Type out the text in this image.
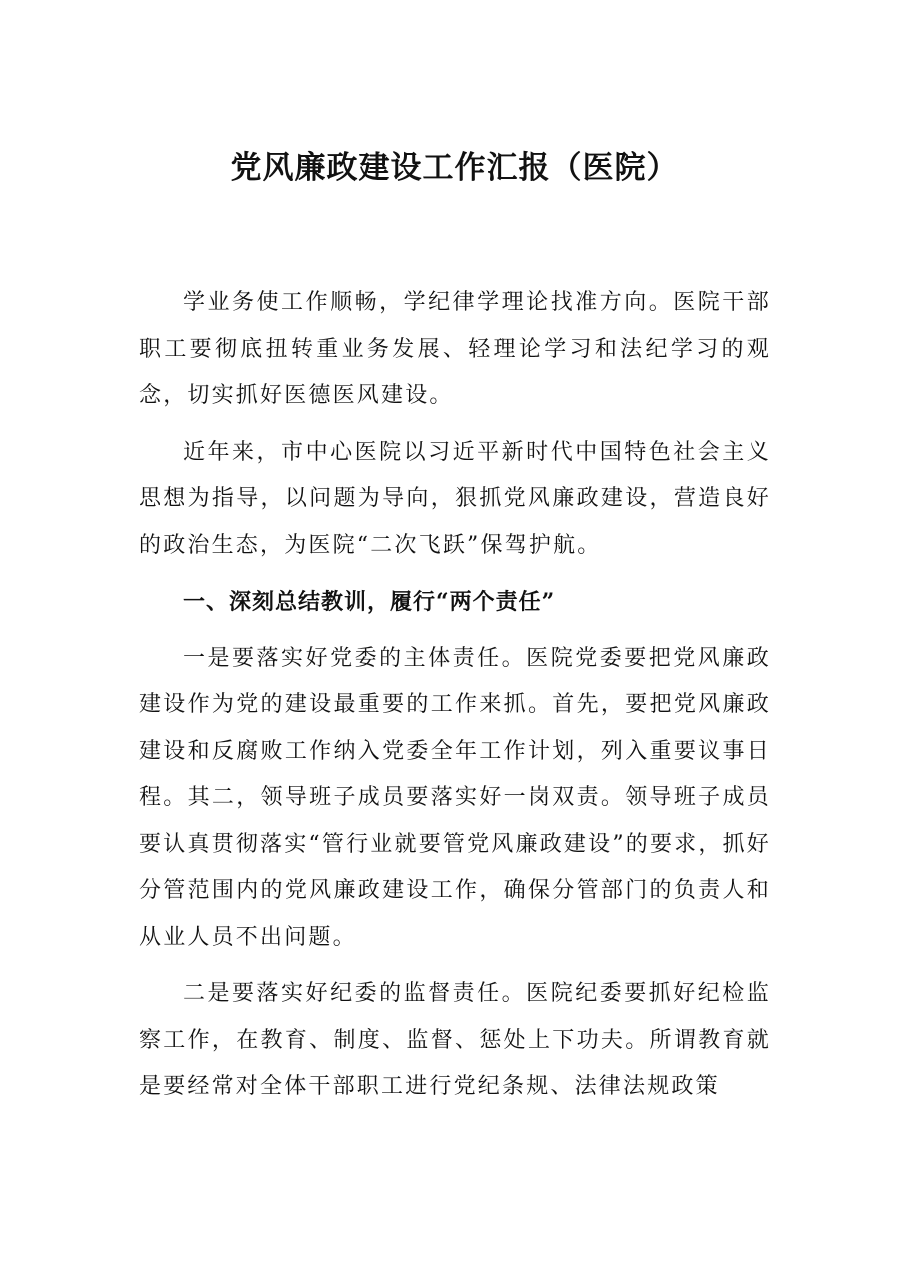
党风廉政建设工作汇报（医院）

学业务使工作顺畅，学纪律学理论找准方向。医院干部职工要彻底扭转重业务发展、轻理论学习和法纪学习的观念，切实抓好医德医风建设。

近年来，市中心医院以习近平新时代中国特色社会主义思想为指导，以问题为导向，狠抓党风廉政建设，营造良好的政治生态，为医院“二次飞跃”保驾护航。

一、深刻总结教训，履行“两个责任”

一是要落实好党委的主体责任。医院党委要把党风廉政建设作为党的建设最重要的工作来抓。首先，要把党风廉政建设和反腐败工作纳入党委全年工作计划，列入重要议事日程。其二，领导班子成员要落实好一岗双责。领导班子成员要认真贯彻落实“管行业就要管党风廉政建设”的要求，抓好分管范围内的党风廉政建设工作，确保分管部门的负责人和从业人员不出问题。

二是要落实好纪委的监督责任。医院纪委要抓好纪检监察工作，在教育、制度、监督、惩处上下功夫。所谓教育就是要经常对全体干部职工进行党纪条规、法律法规政策
